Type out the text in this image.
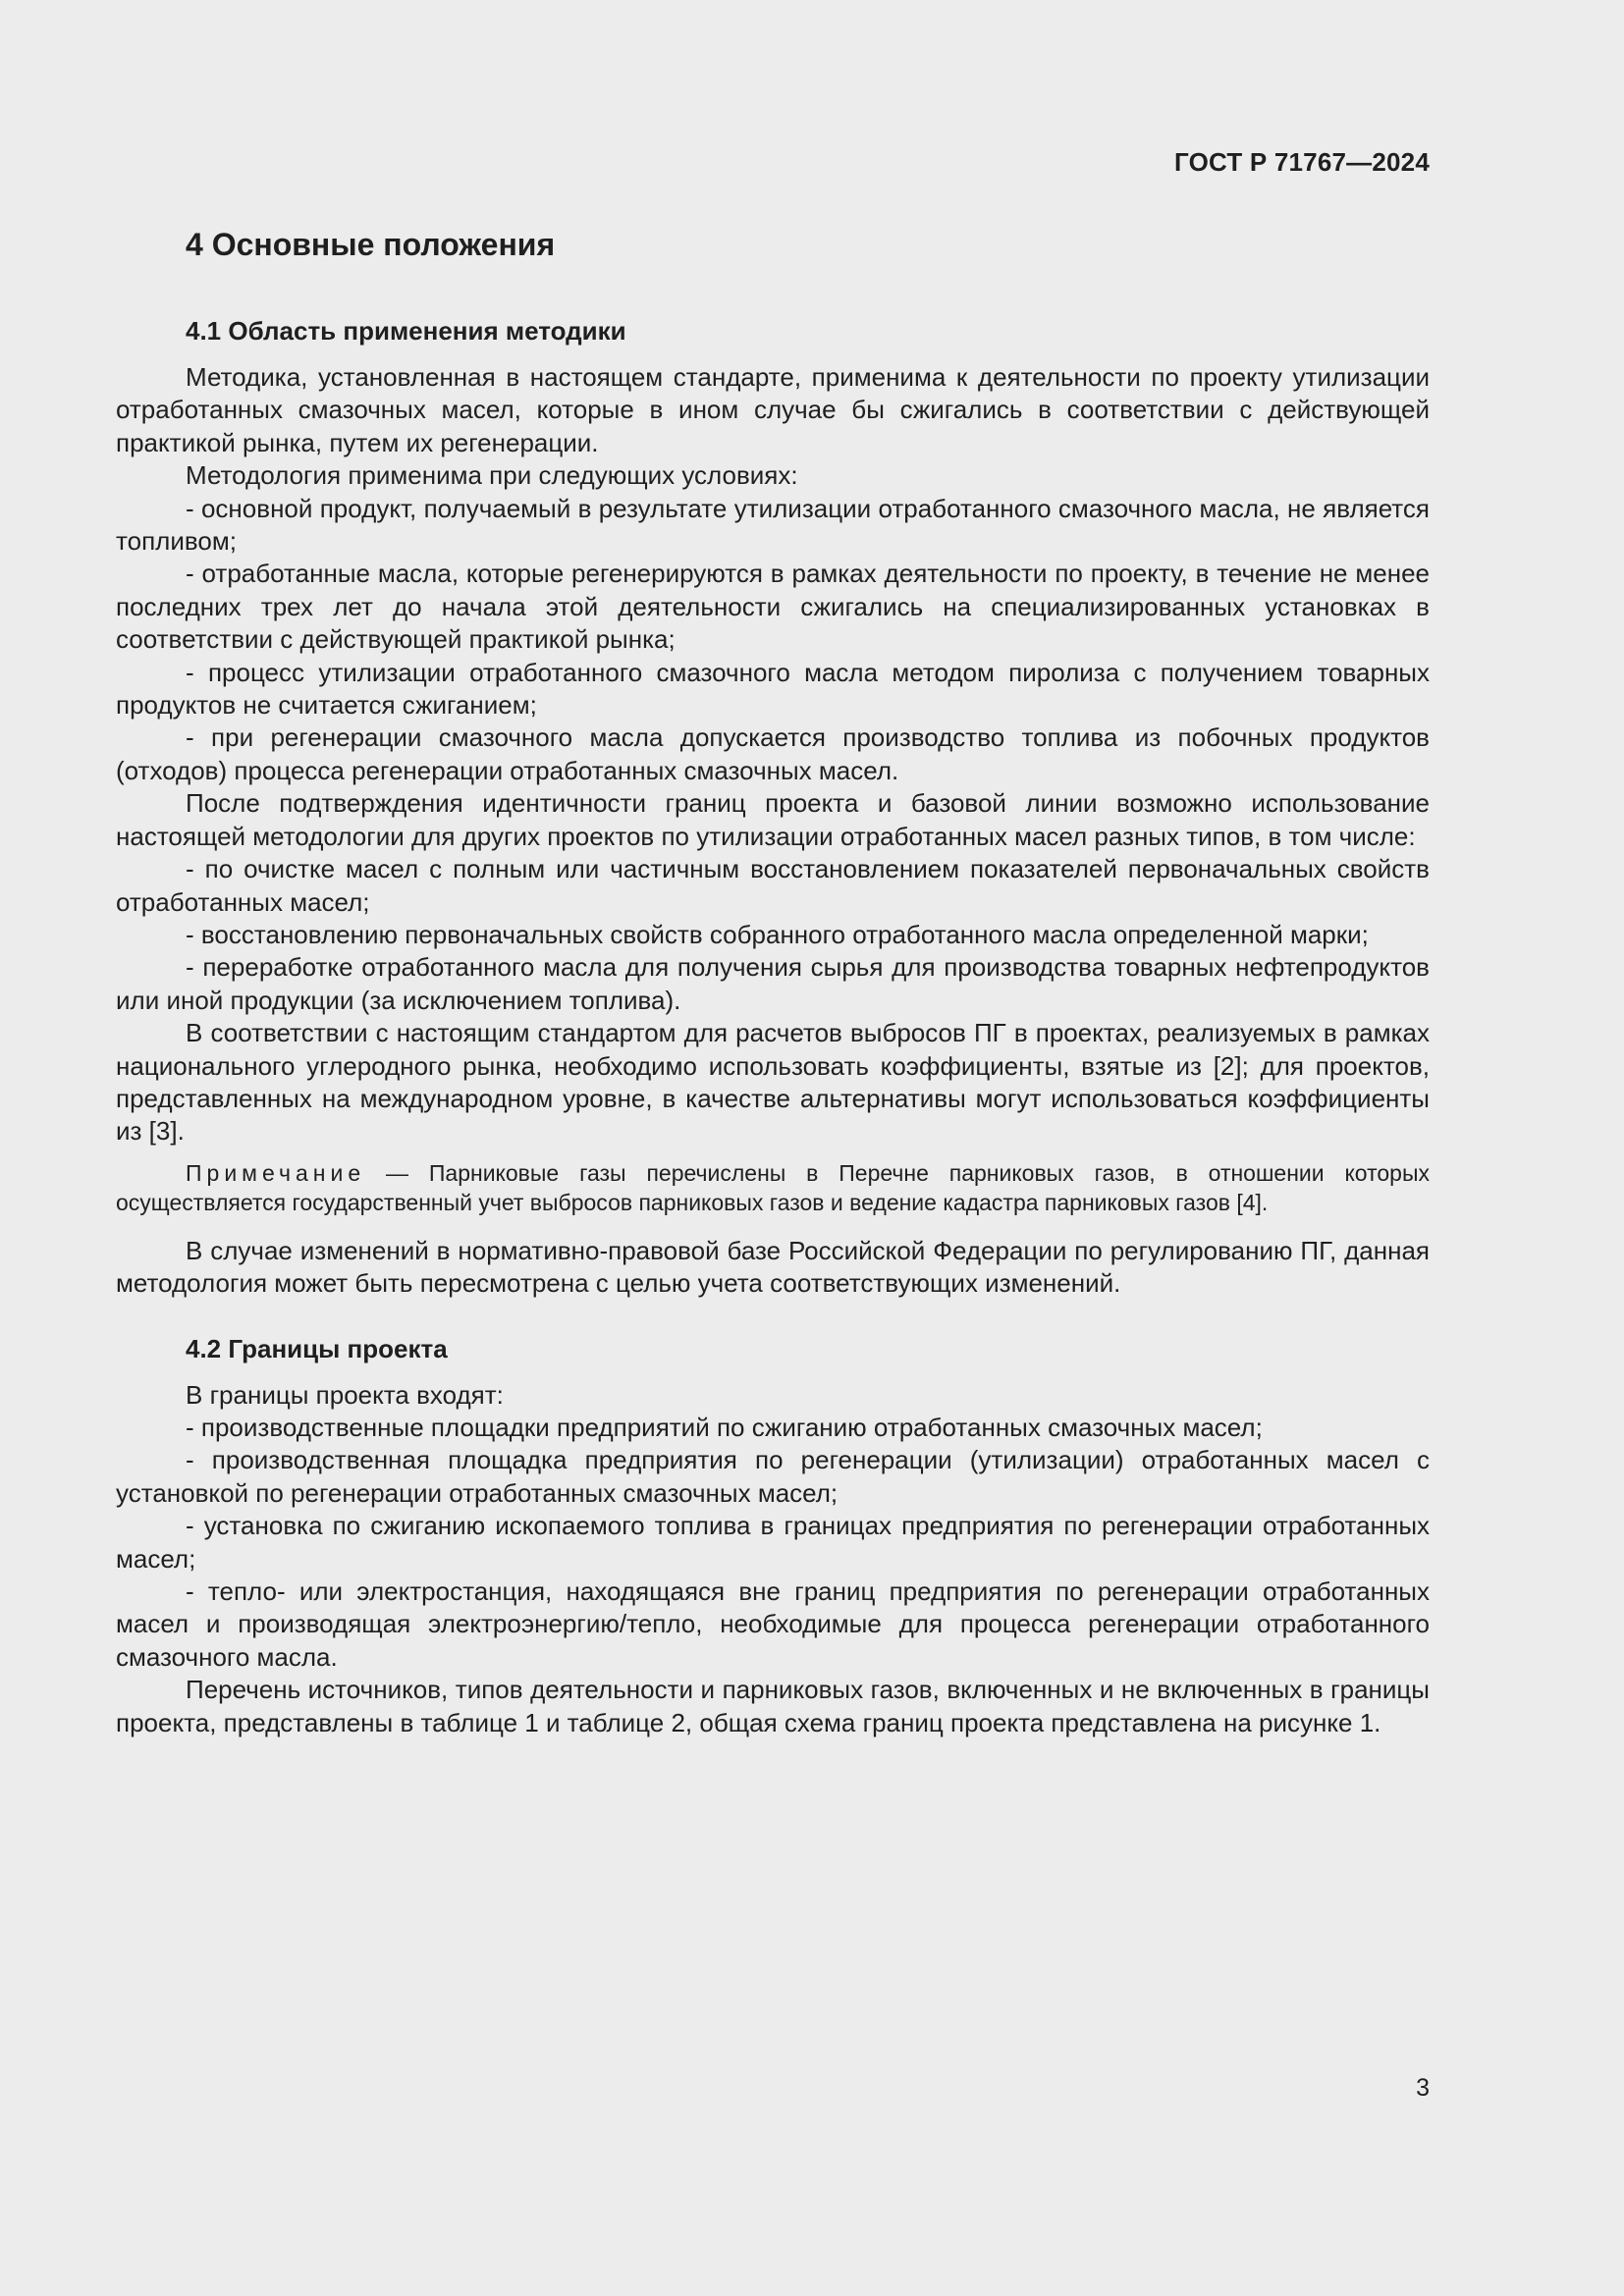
ГОСТ Р 71767—2024
4 Основные положения
4.1 Область применения методики

Методика, установленная в настоящем стандарте, применима к деятельности по проекту утилизации отработанных смазочных масел, которые в ином случае бы сжигались в соответствии с действующей практикой рынка, путем их регенерации.

Методология применима при следующих условиях:

- основной продукт, получаемый в результате утилизации отработанного смазочного масла, не является топливом;

- отработанные масла, которые регенерируются в рамках деятельности по проекту, в течение не менее последних трех лет до начала этой деятельности сжигались на специализированных установках в соответствии с действующей практикой рынка;

- процесс утилизации отработанного смазочного масла методом пиролиза с получением товарных продуктов не считается сжиганием;

- при регенерации смазочного масла допускается производство топлива из побочных продуктов (отходов) процесса регенерации отработанных смазочных масел.

После подтверждения идентичности границ проекта и базовой линии возможно использование настоящей методологии для других проектов по утилизации отработанных масел разных типов, в том числе:

- по очистке масел с полным или частичным восстановлением показателей первоначальных свойств отработанных масел;

- восстановлению первоначальных свойств собранного отработанного масла определенной марки;

- переработке отработанного масла для получения сырья для производства товарных нефтепродуктов или иной продукции (за исключением топлива).

В соответствии с настоящим стандартом для расчетов выбросов ПГ в проектах, реализуемых в рамках национального углеродного рынка, необходимо использовать коэффициенты, взятые из [2]; для проектов, представленных на международном уровне, в качестве альтернативы могут использоваться коэффициенты из [3].

Примечание — Парниковые газы перечислены в Перечне парниковых газов, в отношении которых осуществляется государственный учет выбросов парниковых газов и ведение кадастра парниковых газов [4].

В случае изменений в нормативно-правовой базе Российской Федерации по регулированию ПГ, данная методология может быть пересмотрена с целью учета соответствующих изменений.

4.2 Границы проекта

В границы проекта входят:

- производственные площадки предприятий по сжиганию отработанных смазочных масел;

- производственная площадка предприятия по регенерации (утилизации) отработанных масел с установкой по регенерации отработанных смазочных масел;

- установка по сжиганию ископаемого топлива в границах предприятия по регенерации отработанных масел;

- тепло- или электростанция, находящаяся вне границ предприятия по регенерации отработанных масел и производящая электроэнергию/тепло, необходимые для процесса регенерации отработанного смазочного масла.

Перечень источников, типов деятельности и парниковых газов, включенных и не включенных в границы проекта, представлены в таблице 1 и таблице 2, общая схема границ проекта представлена на рисунке 1.

3
